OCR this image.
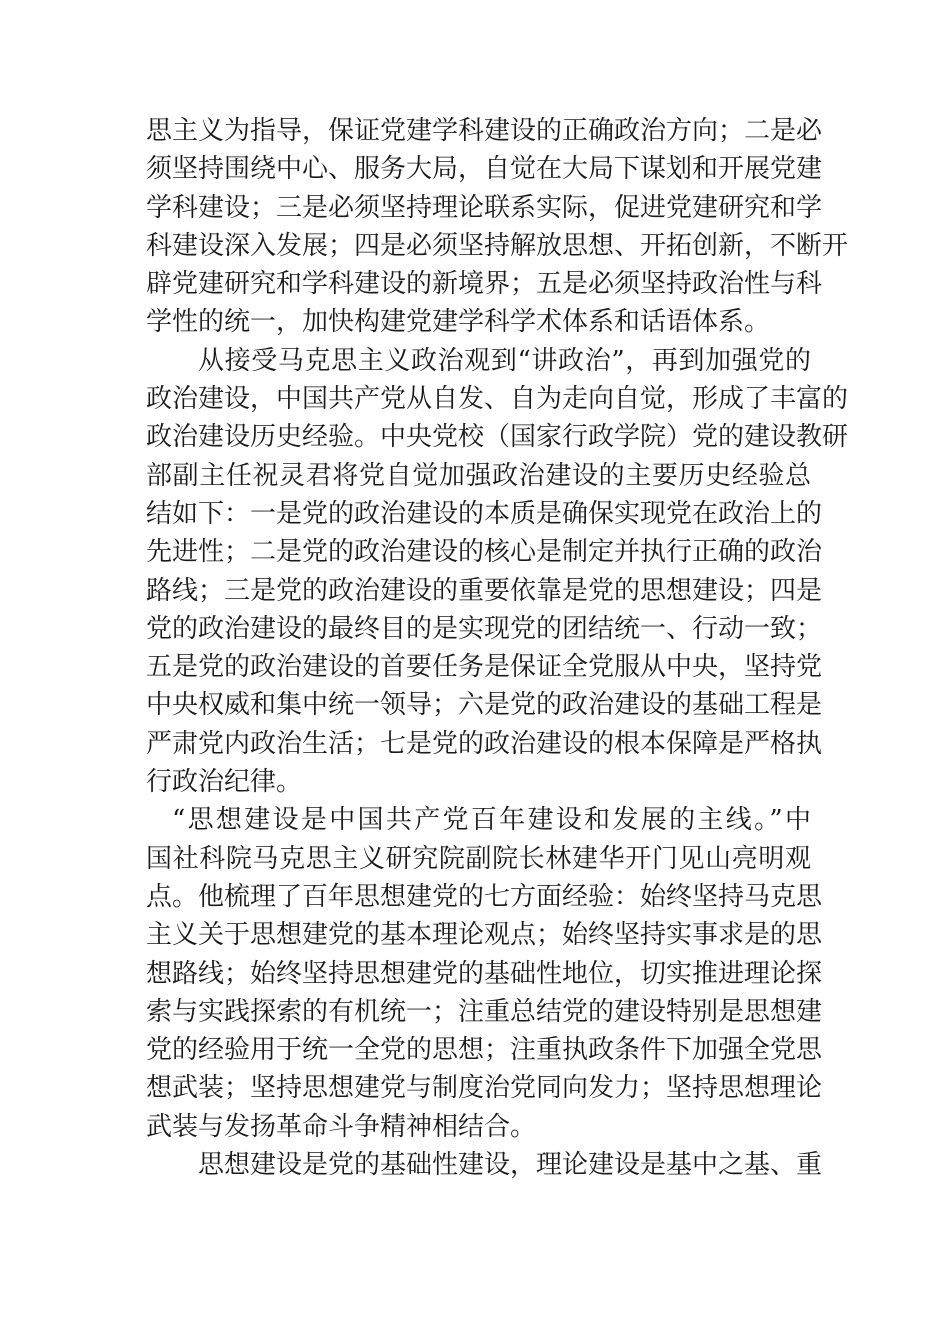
思主义为指导，保证党建学科建设的正确政治方向；二是必
须坚持围绕中心、服务大局，自觉在大局下谋划和开展党建
学科建设；三是必须坚持理论联系实际，促进党建研究和学
科建设深入发展；四是必须坚持解放思想、开拓创新，不断开
辟党建研究和学科建设的新境界；五是必须坚持政治性与科
学性的统一，加快构建党建学科学术体系和话语体系。
从接受马克思主义政治观到“讲政治”，再到加强党的
政治建设，中国共产党从自发、自为走向自觉，形成了丰富的
政治建设历史经验。中央党校（国家行政学院）党的建设教研
部副主任祝灵君将党自觉加强政治建设的主要历史经验总
结如下：一是党的政治建设的本质是确保实现党在政治上的
先进性；二是党的政治建设的核心是制定并执行正确的政治
路线；三是党的政治建设的重要依靠是党的思想建设；四是
党的政治建设的最终目的是实现党的团结统一、行动一致；
五是党的政治建设的首要任务是保证全党服从中央，坚持党
中央权威和集中统一领导；六是党的政治建设的基础工程是
严肃党内政治生活；七是党的政治建设的根本保障是严格执
行政治纪律。
“思想建设是中国共产党百年建设和发展的主线。”中
国社科院马克思主义研究院副院长林建华开门见山亮明观
点。他梳理了百年思想建党的七方面经验：始终坚持马克思
主义关于思想建党的基本理论观点；始终坚持实事求是的思
想路线；始终坚持思想建党的基础性地位，切实推进理论探
索与实践探索的有机统一；注重总结党的建设特别是思想建
党的经验用于统一全党的思想；注重执政条件下加强全党思
想武装；坚持思想建党与制度治党同向发力；坚持思想理论
武装与发扬革命斗争精神相结合。
思想建设是党的基础性建设，理论建设是基中之基、重
